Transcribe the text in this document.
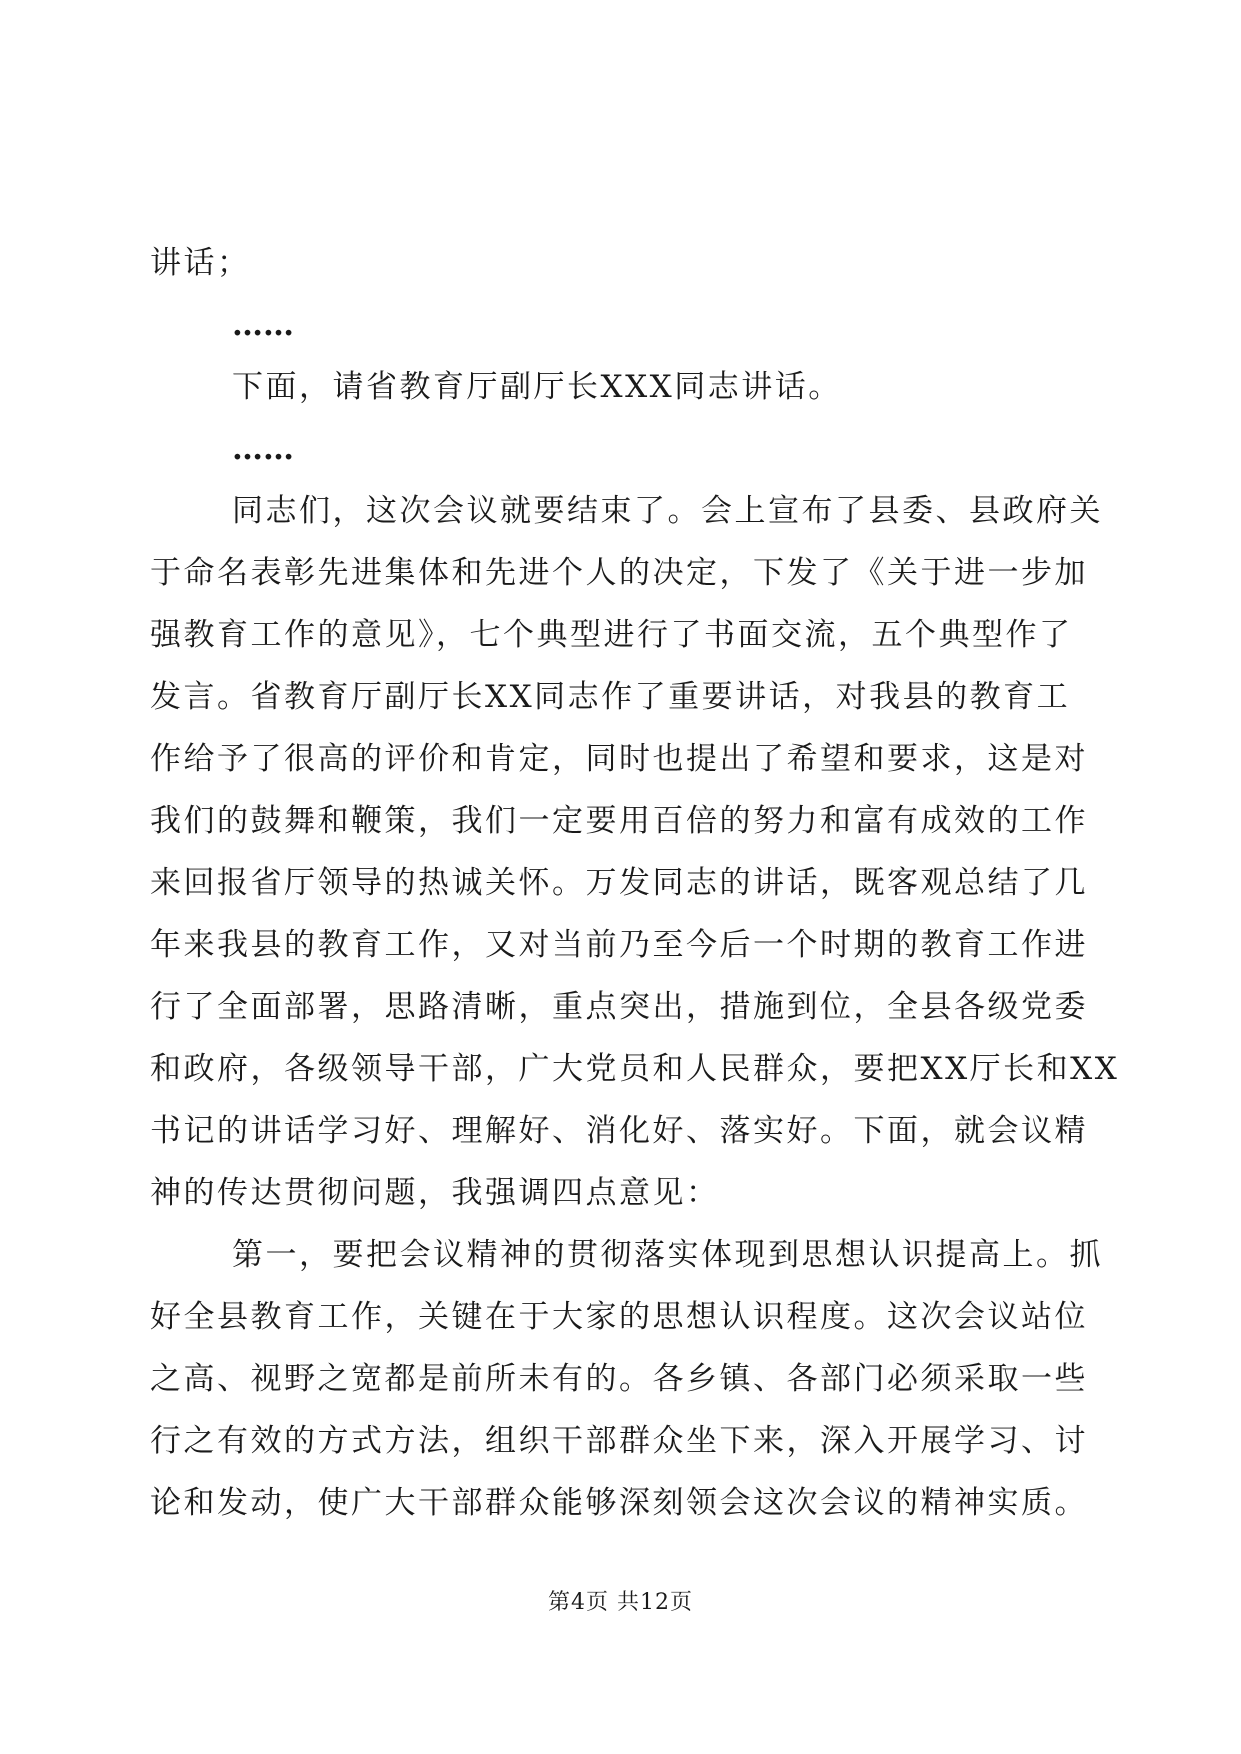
讲话；
……
下面，请省教育厅副厅长XXX同志讲话。
……
同志们，这次会议就要结束了。会上宣布了县委、县政府关
于命名表彰先进集体和先进个人的决定，下发了《关于进一步加
强教育工作的意见》，七个典型进行了书面交流，五个典型作了
发言。省教育厅副厅长XX同志作了重要讲话，对我县的教育工
作给予了很高的评价和肯定，同时也提出了希望和要求，这是对
我们的鼓舞和鞭策，我们一定要用百倍的努力和富有成效的工作
来回报省厅领导的热诚关怀。万发同志的讲话，既客观总结了几
年来我县的教育工作，又对当前乃至今后一个时期的教育工作进
行了全面部署，思路清晰，重点突出，措施到位，全县各级党委
和政府，各级领导干部，广大党员和人民群众，要把XX厅长和XX
书记的讲话学习好、理解好、消化好、落实好。下面，就会议精
神的传达贯彻问题，我强调四点意见：
第一，要把会议精神的贯彻落实体现到思想认识提高上。抓
好全县教育工作，关键在于大家的思想认识程度。这次会议站位
之高、视野之宽都是前所未有的。各乡镇、各部门必须采取一些
行之有效的方式方法，组织干部群众坐下来，深入开展学习、讨
论和发动，使广大干部群众能够深刻领会这次会议的精神实质。
第4页 共12页
